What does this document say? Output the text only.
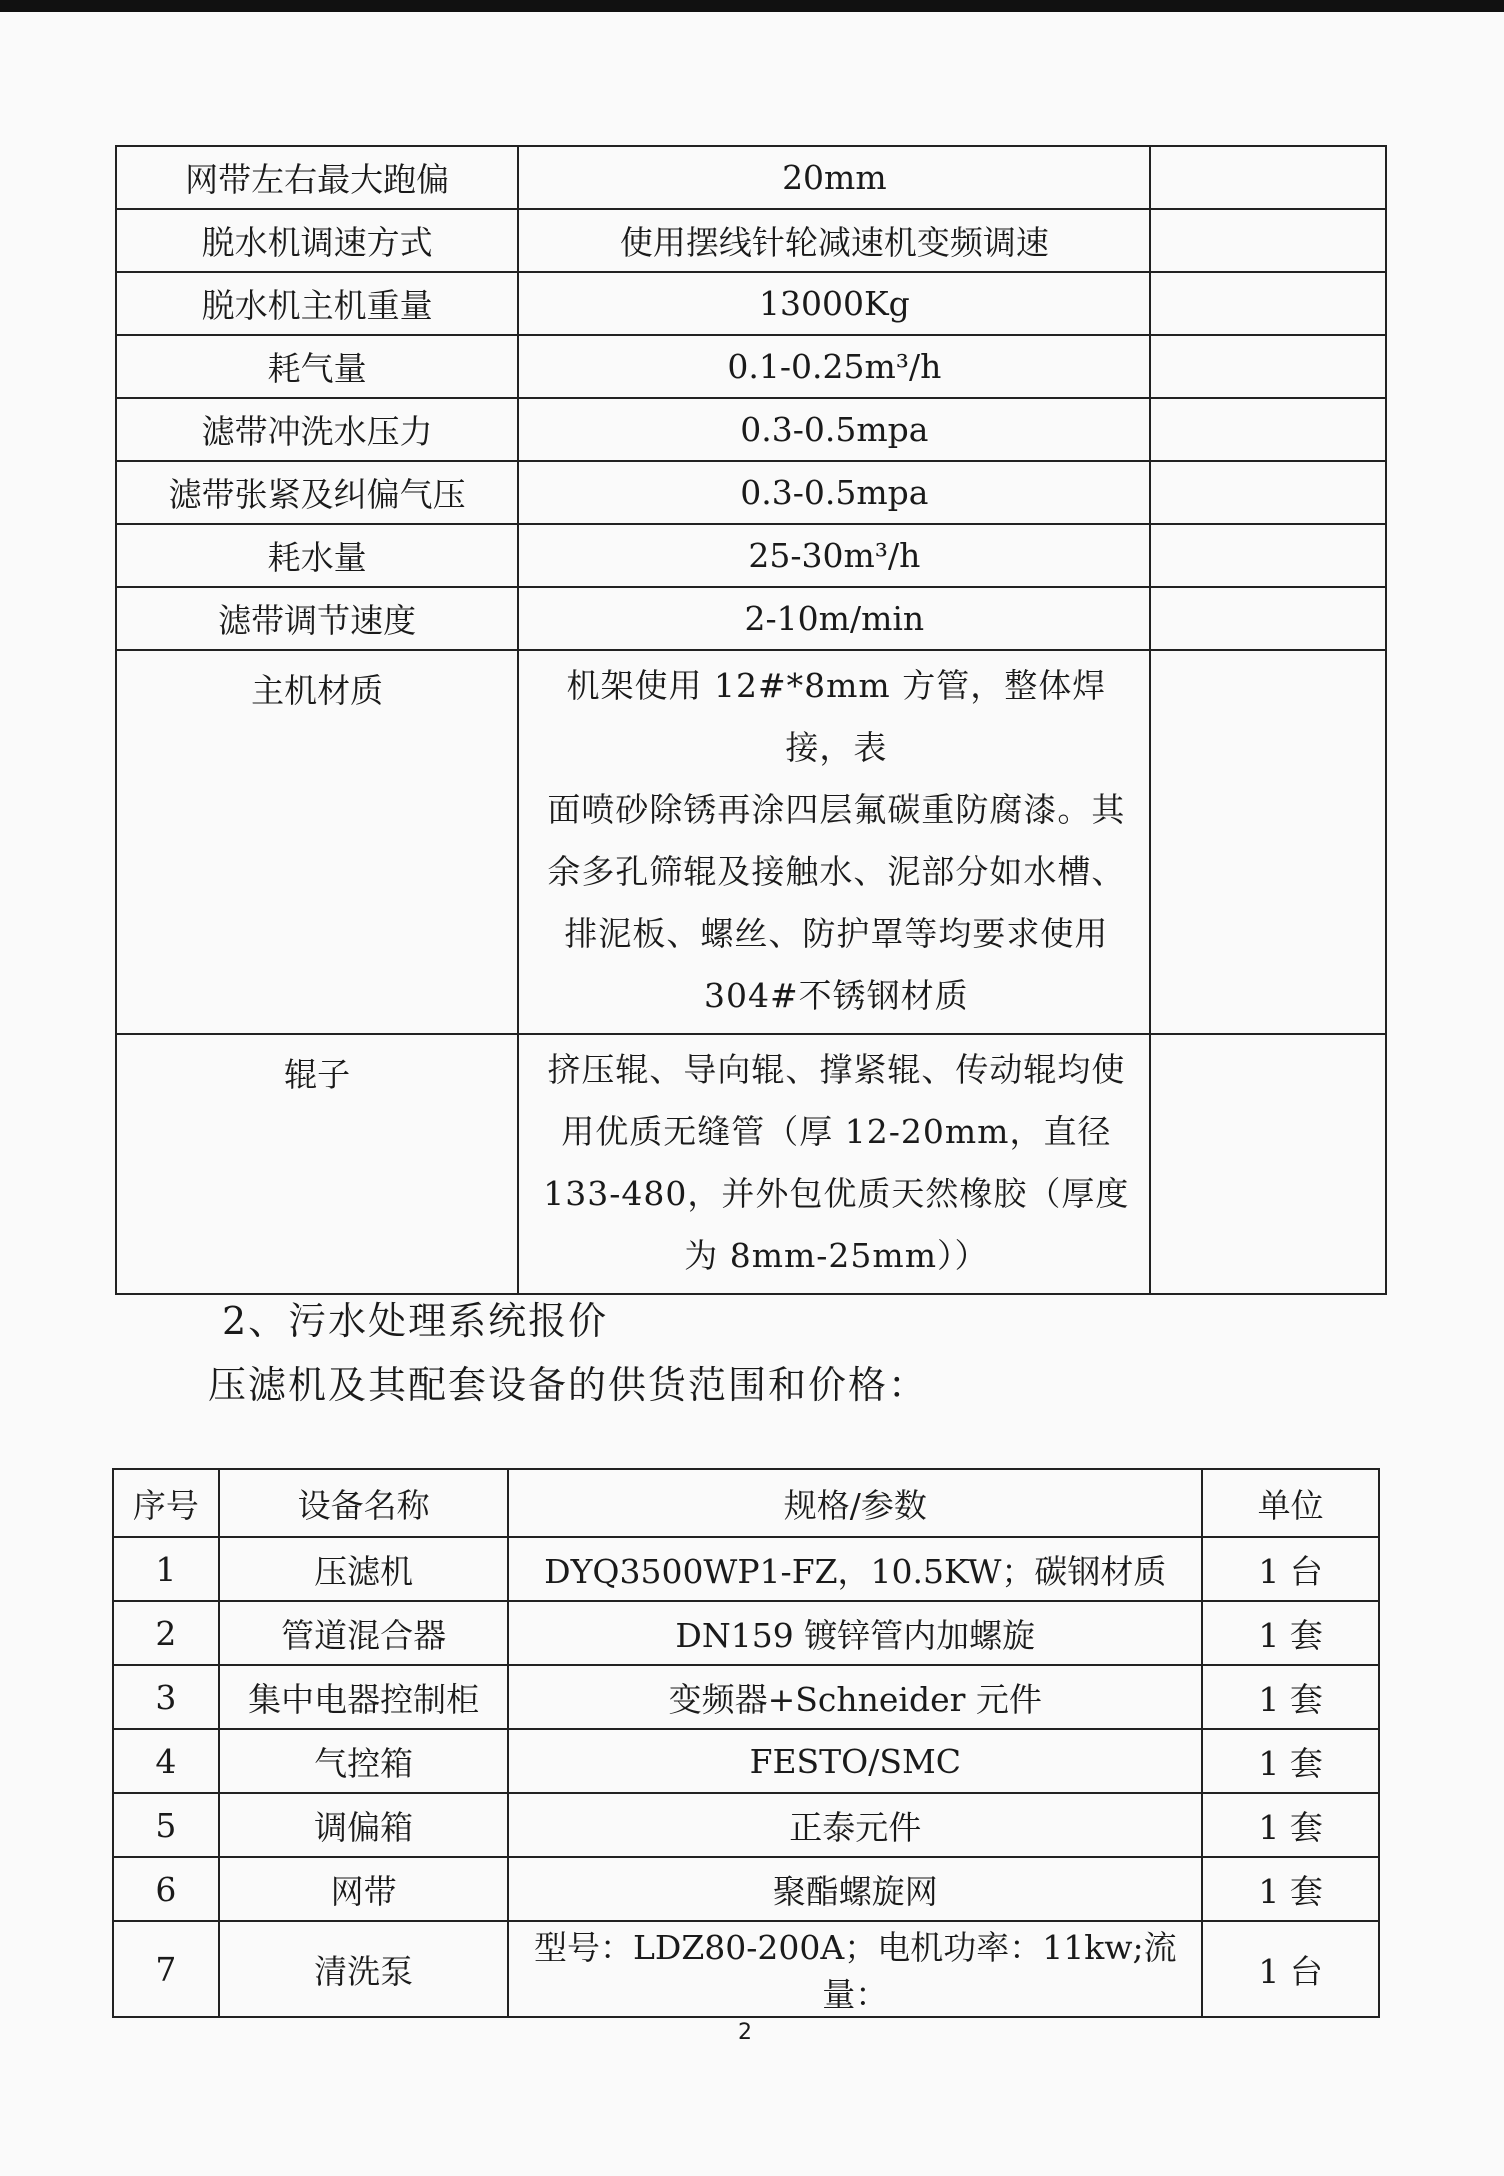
网带左右最大跑偏	20mm	
脱水机调速方式	使用摆线针轮减速机变频调速	
脱水机主机重量	13000Kg	
耗气量	0.1-0.25m³/h	
滤带冲洗水压力	0.3-0.5mpa	
滤带张紧及纠偏气压	0.3-0.5mpa	
耗水量	25-30m³/h	
滤带调节速度	2-10m/min	
主机材质	机架使用 12#*8mm 方管，整体焊接，表
面喷砂除锈再涂四层氟碳重防腐漆。其
余多孔筛辊及接触水、泥部分如水槽、
排泥板、螺丝、防护罩等均要求使用
304#不锈钢材质	

辊子	挤压辊、导向辊、撑紧辊、传动辊均使
用优质无缝管（厚 12-20mm，直径
133-480，并外包优质天然橡胶（厚度
为 8mm-25mm））	

2、污水处理系统报价
压滤机及其配套设备的供货范围和价格：
序号	设备名称	规格/参数	单位
1	压滤机	DYQ3500WP1-FZ，10.5KW；碳钢材质	1 台
2	管道混合器	DN159 镀锌管内加螺旋	1 套
3	集中电器控制柜	变频器+Schneider 元件	1 套
4	气控箱	FESTO/SMC	1 套
5	调偏箱	正泰元件	1 套
6	网带	聚酯螺旋网	1 套
7	清洗泵	型号：LDZ80-200A；电机功率：11kw;流量：	1 台
2
